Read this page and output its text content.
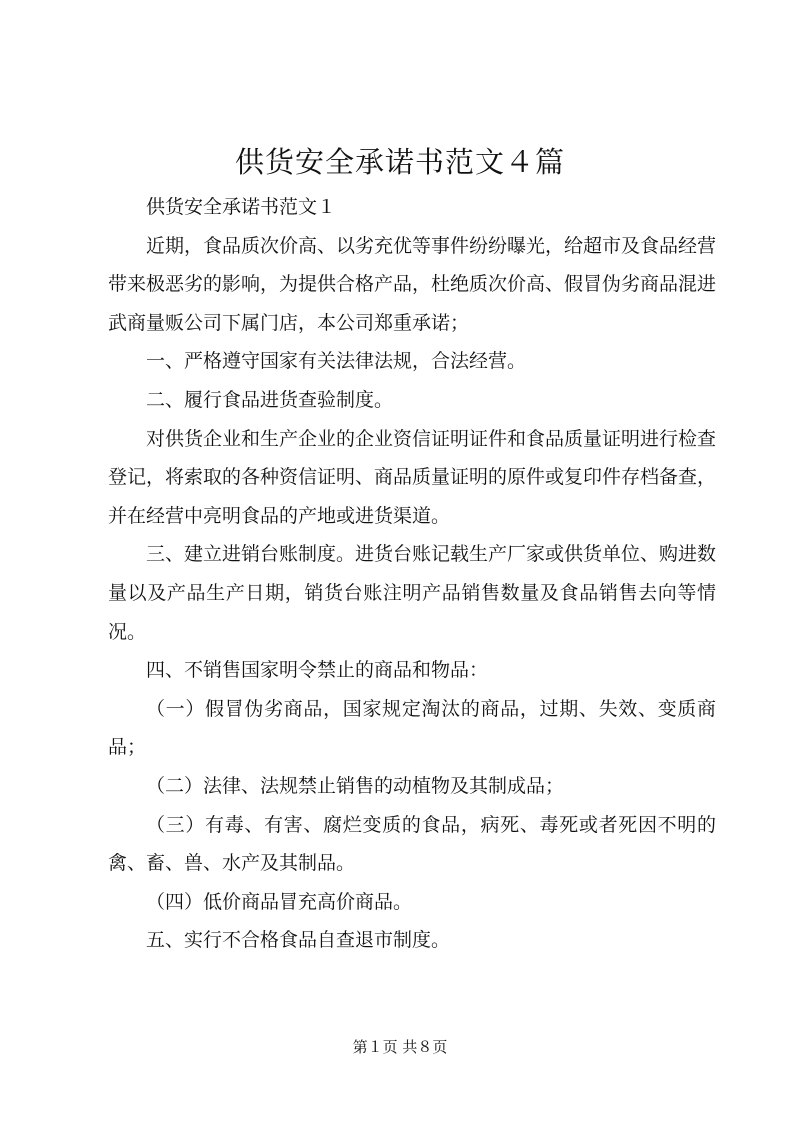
供货安全承诺书范文４篇

供货安全承诺书范文１

近期，食品质次价高、以劣充优等事件纷纷曝光，给超市及食品经营带来极恶劣的影响，为提供合格产品，杜绝质次价高、假冒伪劣商品混进武商量贩公司下属门店，本公司郑重承诺；

一、严格遵守国家有关法律法规，合法经营。

二、履行食品进货查验制度。

对供货企业和生产企业的企业资信证明证件和食品质量证明进行检查登记，将索取的各种资信证明、商品质量证明的原件或复印件存档备查，并在经营中亮明食品的产地或进货渠道。

三、建立进销台账制度。进货台账记载生产厂家或供货单位、购进数量以及产品生产日期，销货台账注明产品销售数量及食品销售去向等情况。

四、不销售国家明令禁止的商品和物品：

（一）假冒伪劣商品，国家规定淘汰的商品，过期、失效、变质商品；

（二）法律、法规禁止销售的动植物及其制成品；

（三）有毒、有害、腐烂变质的食品，病死、毒死或者死因不明的禽、畜、兽、水产及其制品。

（四）低价商品冒充高价商品。

五、实行不合格食品自查退市制度。

第１页 共８页
